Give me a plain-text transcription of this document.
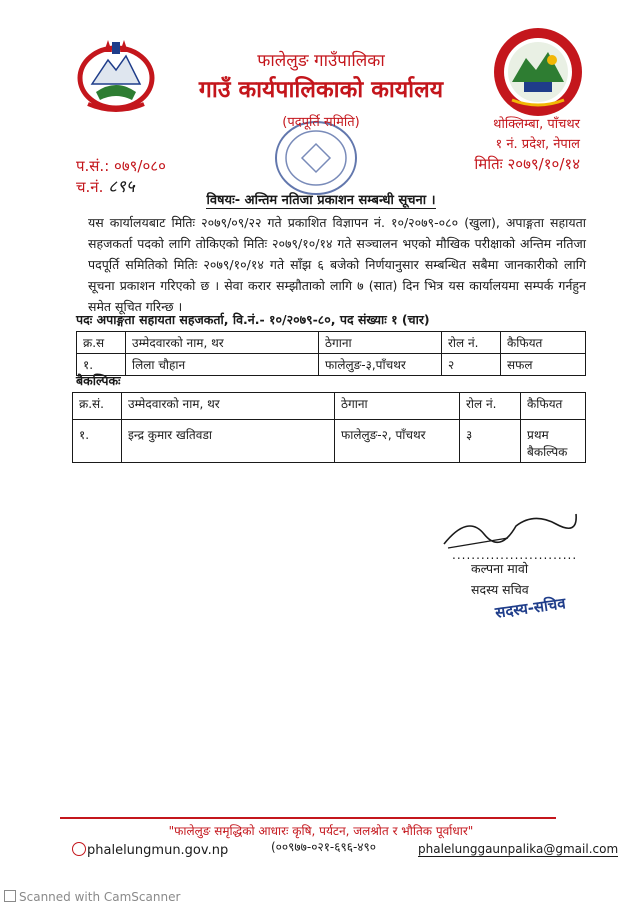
फालेलुङ गाउँपालिका
गाउँ कार्यपालिकाको कार्यालय
(पदपूर्ति समिति)	थोक्लिम्बा, पाँचथर
१ नं. प्रदेश, नेपाल
मितिः २०७९/१०/१४
प.सं.: ०७९/०८०
च.नं. ८९५
विषयः- अन्तिम नतिजा प्रकाशन सम्बन्धी सूचना ।
यस कार्यालयबाट मितिः २०७९/०९/२२ गते प्रकाशित विज्ञापन नं. १०/२०७९-०८० (खुला), अपाङ्गता सहायता सहजकर्ता पदको लागि तोकिएको मितिः २०७९/१०/१४ गते सञ्चालन भएको मौखिक परीक्षाको अन्तिम नतिजा पदपूर्ति समितिको मितिः २०७९/१०/१४ गते साँझ ६ बजेको निर्णयानुसार सम्बन्धित सबैमा जानकारीको लागि सूचना प्रकाशन गरिएको छ । सेवा करार सम्झौताको लागि ७ (सात) दिन भित्र यस कार्यालयमा सम्पर्क गर्नहुन समेत सूचित गरिन्छ ।
पदः अपाङ्गता सहायता सहजकर्ता, वि.नं.- १०/२०७९-८०, पद संख्याः १ (चार)
क्र.स	उम्मेदवारको नाम, थर	ठेगाना	रोल नं.	कैफियत
१.	लिला चौहान	फालेलुङ-३,पाँचथर	२	सफल
बैकल्पिकः
क्र.सं.	उम्मेदवारको नाम, थर	ठेगाना	रोल नं.	कैफियत
१.	इन्द्र कुमार खतिवडा	फालेलुङ-२, पाँचथर	३	प्रथम बैकल्पिक
..........................
कल्पना मावो
सदस्य सचिव
सदस्य-सचिव
"फालेलुङ समृद्धिको आधारः कृषि, पर्यटन, जलश्रोत र भौतिक पूर्वाधार"
phalelungmun.gov.np	(००९७७-०२१-६९६-४९०	phalelunggaunpalika@gmail.com
Scanned with CamScanner
